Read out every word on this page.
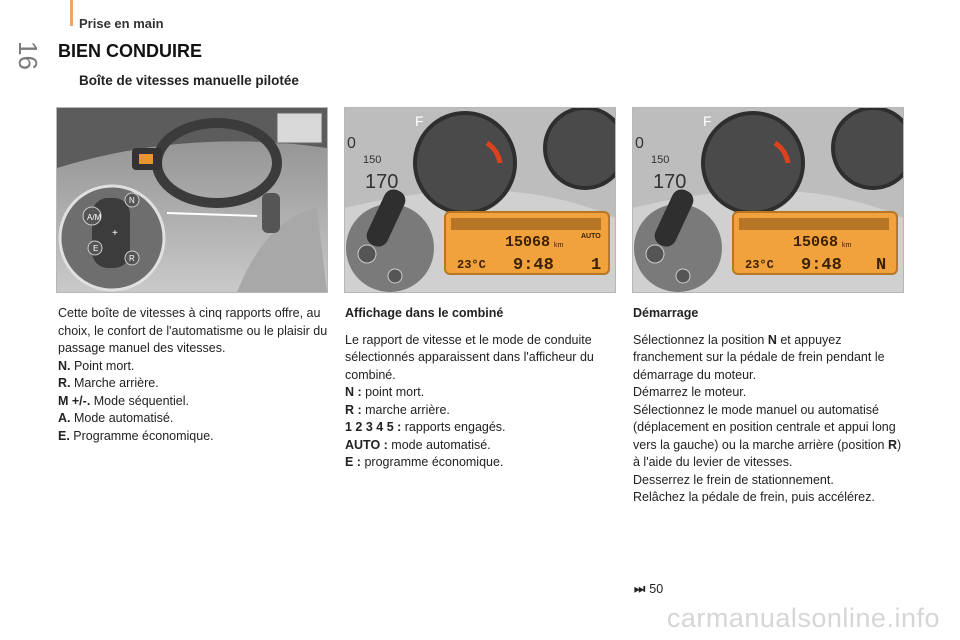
16
Prise en main
BIEN CONDUIRE
Boîte de vitesses manuelle pilotée
A/M
N
E
R
+
F
0
150
170
15068 km
AUTO
23°C 9:48 1
F
0
150
170
15068 km
23°C 9:48 N

Cette boîte de vitesses à cinq rapports offre, au choix, le confort de l'automatisme ou le plaisir du passage manuel des vitesses.

N. Point mort.

R. Marche arrière.

M +/-. Mode séquentiel.

A. Mode automatisé.

E. Programme économique.

Affichage dans le combiné

Le rapport de vitesse et le mode de conduite sélectionnés apparaissent dans l'afficheur du combiné.

N : point mort.

R : marche arrière.

1 2 3 4 5 : rapports engagés.

AUTO : mode automatisé.

E : programme économique.

Démarrage

Sélectionnez la position N et appuyez franchement sur la pédale de frein pendant le démarrage du moteur.

Démarrez le moteur.

Sélectionnez le mode manuel ou automatisé (déplacement en position centrale et appui long vers la gauche) ou la marche arrière (position R) à l'aide du levier de vitesses.

Desserrez le frein de stationnement.

Relâchez la pédale de frein, puis accélérez.

⏭ 50
carmanualsonline.info
